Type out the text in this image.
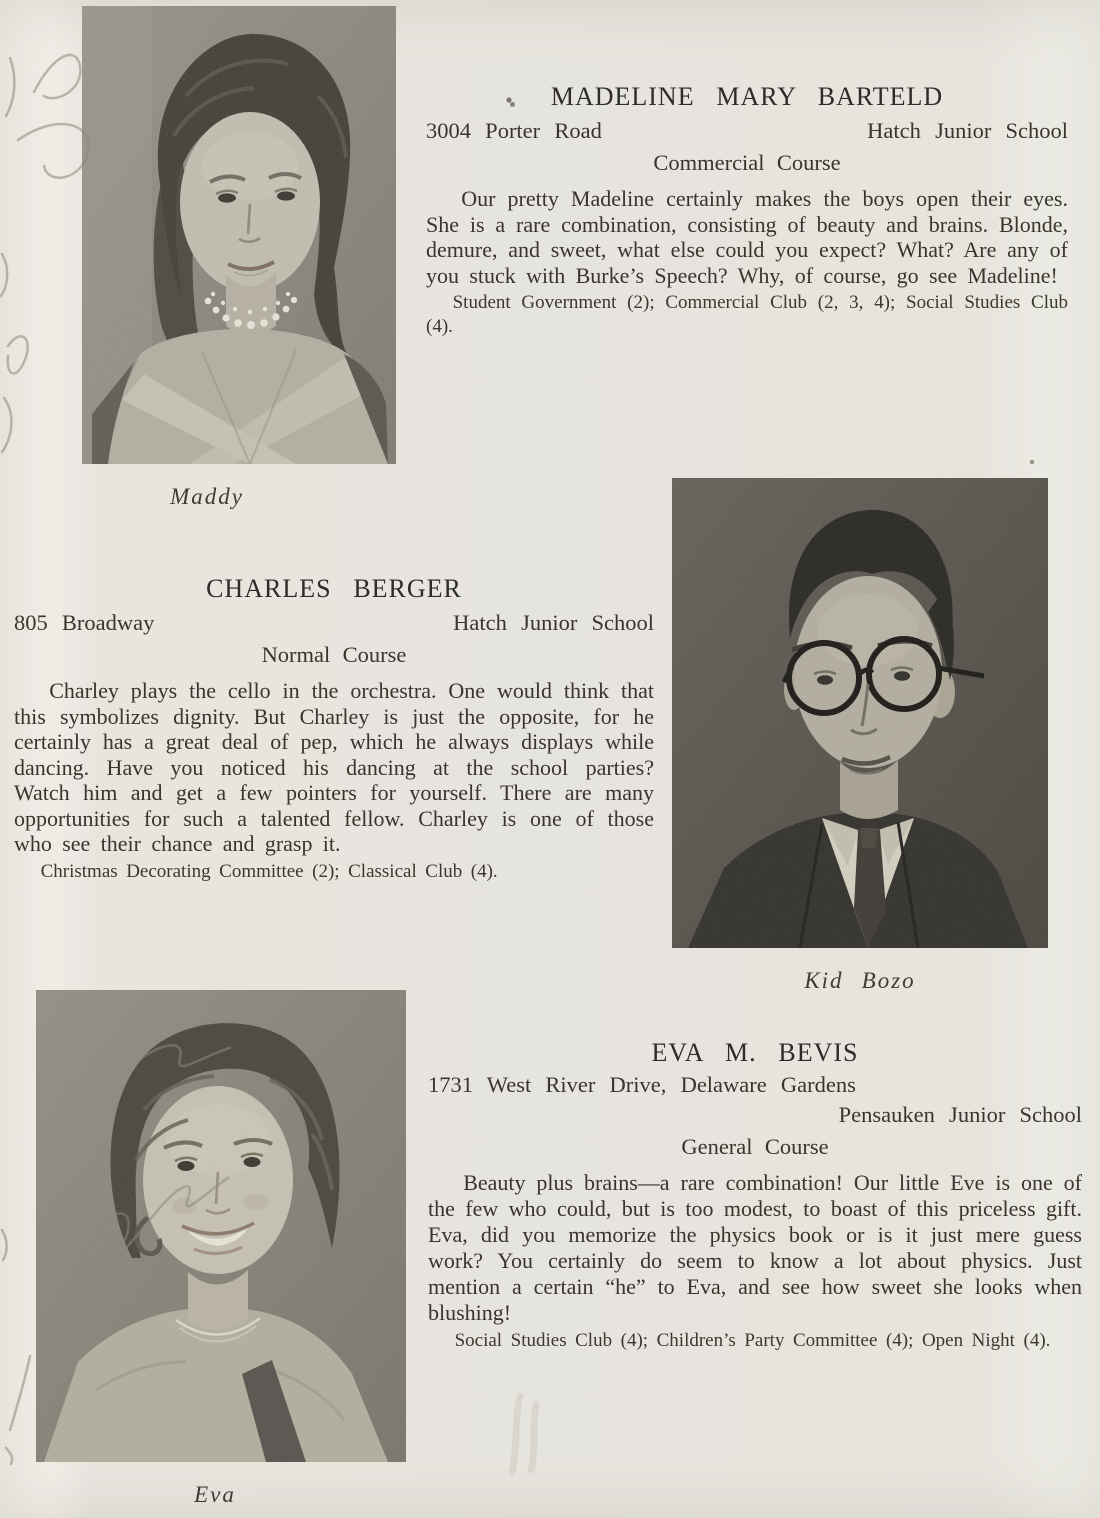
Maddy
MADELINE MARY BARTELD
3004 Porter Road	Hatch Junior School
Commercial Course

Our pretty Madeline certainly makes the boys open their eyes. She is a rare combination, consisting of beauty and brains. Blonde, demure, and sweet, what else could you expect? What? Are any of you stuck with Burke’s Speech? Why, of course, go see Madeline!

Student Government (2); Commercial Club (2, 3, 4); Social Studies Club (4).

CHARLES BERGER
805 Broadway	Hatch Junior School
Normal Course

Charley plays the cello in the orchestra. One would think that this symbolizes dignity. But Charley is just the opposite, for he certainly has a great deal of pep, which he always displays while dancing. Have you noticed his dancing at the school parties? Watch him and get a few pointers for yourself. There are many opportunities for such a talented fellow. Charley is one of those who see their chance and grasp it.

Christmas Decorating Committee (2); Classical Club (4).

Kid Bozo
Eva
EVA M. BEVIS
1731 West River Drive, Delaware Gardens
Pensauken Junior School
General Course

Beauty plus brains—a rare combination! Our little Eve is one of the few who could, but is too modest, to boast of this priceless gift. Eva, did you memorize the physics book or is it just mere guess work? You certainly do seem to know a lot about physics. Just mention a certain “he” to Eva, and see how sweet she looks when blushing!

Social Studies Club (4); Children’s Party Committee (4); Open Night (4).
